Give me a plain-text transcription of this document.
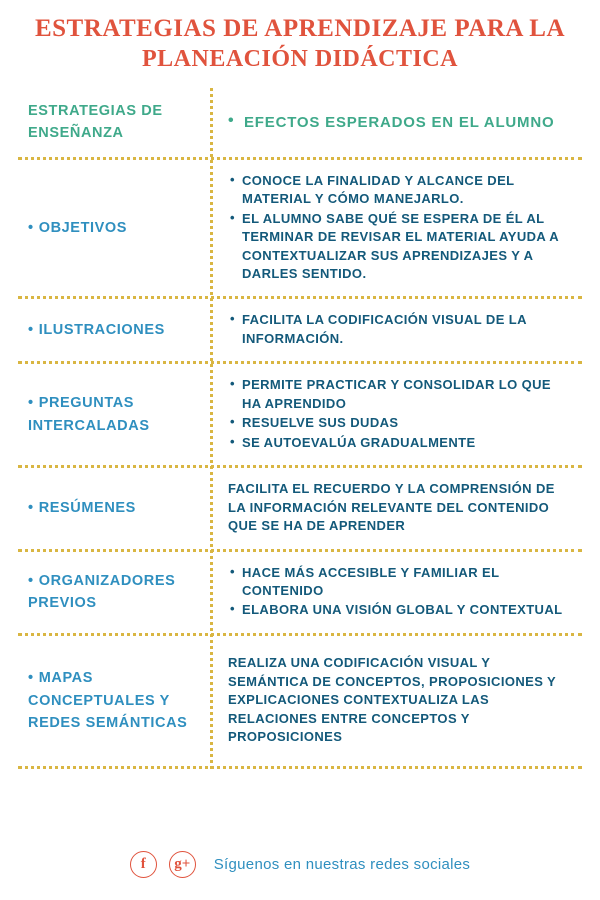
ESTRATEGIAS DE APRENDIZAJE PARA LA
PLANEACIÓN DIDÁCTICA
ESTRATEGIAS DE ENSEÑANZA
• EFECTOS ESPERADOS EN EL ALUMNO
• OBJETIVOS
• CONOCE LA FINALIDAD Y ALCANCE DEL MATERIAL Y CÓMO MANEJARLO.
• EL ALUMNO SABE QUÉ SE ESPERA DE ÉL AL TERMINAR DE REVISAR EL MATERIAL AYUDA A CONTEXTUALIZAR SUS APRENDIZAJES Y A DARLES SENTIDO.
• ILUSTRACIONES
• FACILITA LA CODIFICACIÓN VISUAL DE LA INFORMACIÓN.
• PREGUNTAS INTERCALADAS
• PERMITE PRACTICAR Y CONSOLIDAR LO QUE HA APRENDIDO
• RESUELVE SUS DUDAS
• SE AUTOEVALÚA GRADUALMENTE
• RESÚMENES
FACILITA EL RECUERDO Y LA COMPRENSIÓN DE LA INFORMACIÓN RELEVANTE DEL CONTENIDO QUE SE HA DE APRENDER
• ORGANIZADORES PREVIOS
• HACE MÁS ACCESIBLE Y FAMILIAR EL CONTENIDO
• ELABORA UNA VISIÓN GLOBAL Y CONTEXTUAL
• MAPAS CONCEPTUALES Y REDES SEMÁNTICAS
REALIZA UNA CODIFICACIÓN VISUAL Y SEMÁNTICA DE CONCEPTOS, PROPOSICIONES Y EXPLICACIONES CONTEXTUALIZA LAS RELACIONES ENTRE CONCEPTOS Y PROPOSICIONES
f	g+	Síguenos en nuestras redes sociales
